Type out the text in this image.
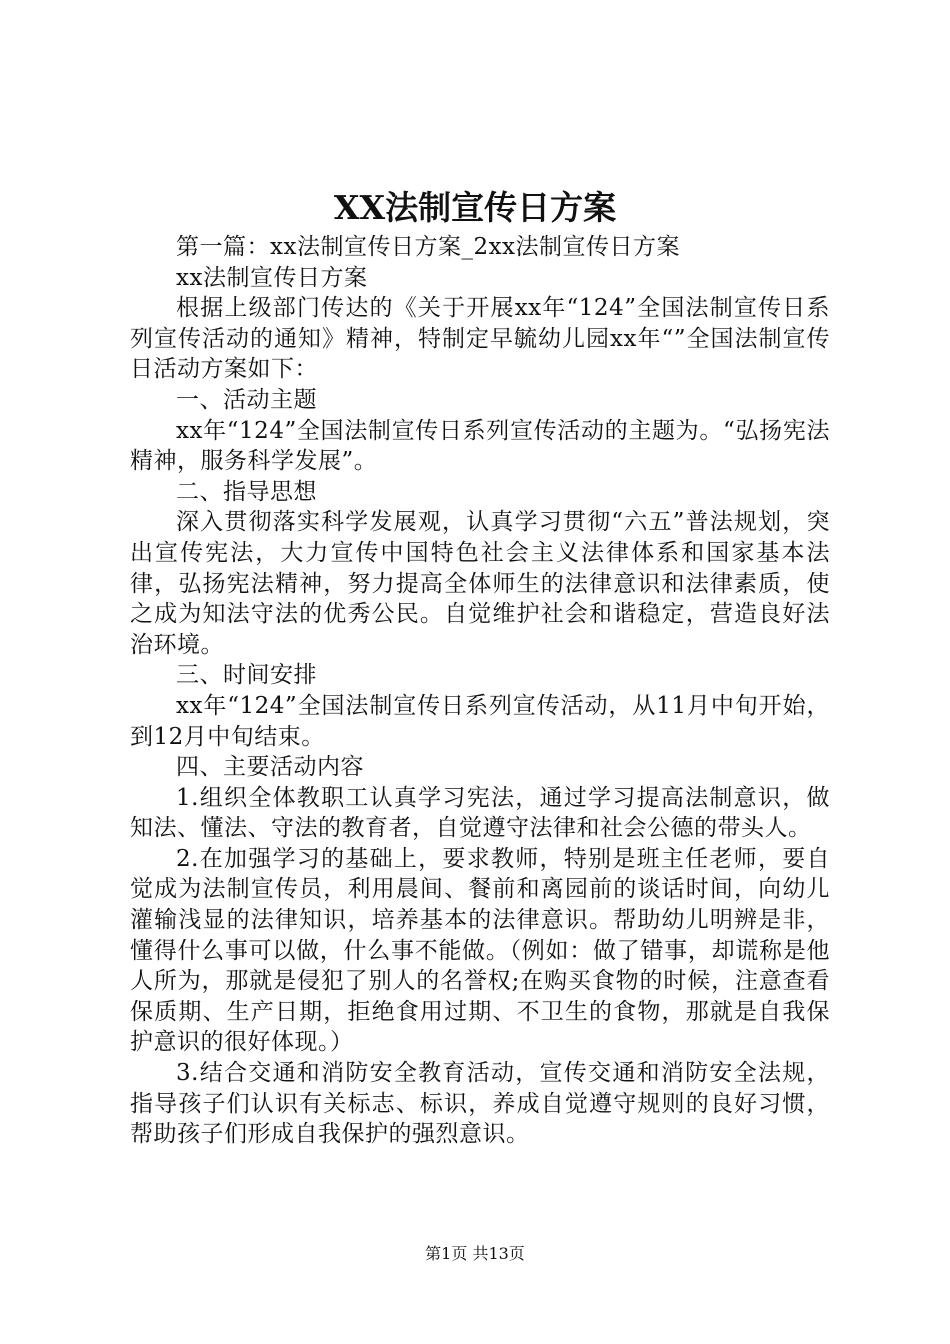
XX法制宣传日方案

第一篇：xx法制宣传日方案_2xx法制宣传日方案

xx法制宣传日方案

根据上级部门传达的《关于开展xx年“124”全国法制宣传日系列宣传活动的通知》精神，特制定早毓幼儿园xx年“”全国法制宣传日活动方案如下：

一、活动主题

xx年“124”全国法制宣传日系列宣传活动的主题为。“弘扬宪法精神，服务科学发展”。

二、指导思想

深入贯彻落实科学发展观，认真学习贯彻“六五”普法规划，突出宣传宪法，大力宣传中国特色社会主义法律体系和国家基本法律，弘扬宪法精神，努力提高全体师生的法律意识和法律素质，使之成为知法守法的优秀公民。自觉维护社会和谐稳定，营造良好法治环境。

三、时间安排

xx年“124”全国法制宣传日系列宣传活动，从11月中旬开始，到12月中旬结束。

四、主要活动内容

1.组织全体教职工认真学习宪法，通过学习提高法制意识，做知法、懂法、守法的教育者，自觉遵守法律和社会公德的带头人。

2.在加强学习的基础上，要求教师，特别是班主任老师，要自觉成为法制宣传员，利用晨间、餐前和离园前的谈话时间，向幼儿灌输浅显的法律知识，培养基本的法律意识。帮助幼儿明辨是非，懂得什么事可以做，什么事不能做。（例如：做了错事，却谎称是他人所为，那就是侵犯了别人的名誉权;在购买食物的时候，注意查看保质期、生产日期，拒绝食用过期、不卫生的食物，那就是自我保护意识的很好体现。）

3.结合交通和消防安全教育活动，宣传交通和消防安全法规，指导孩子们认识有关标志、标识，养成自觉遵守规则的良好习惯，帮助孩子们形成自我保护的强烈意识。

第1页 共13页
